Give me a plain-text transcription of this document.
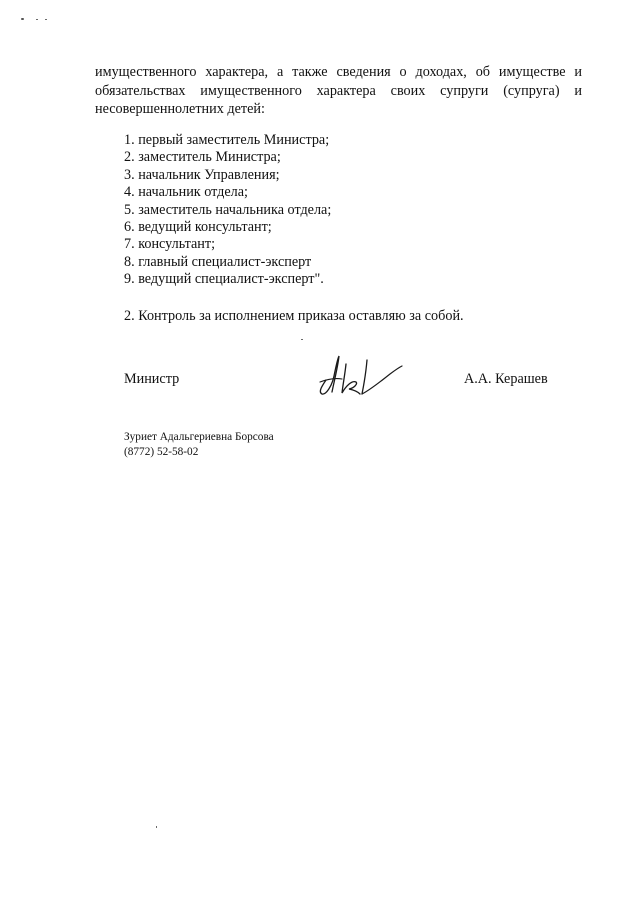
имущественного характера, а также сведения о доходах, об имуществе и
обязательствах имущественного характера своих супруги (супруга) и
несовершеннолетних детей:
1. первый заместитель Министра;
2. заместитель Министра;
3. начальник Управления;
4. начальник отдела;
5. заместитель начальника отдела;
6. ведущий консультант;
7. консультант;
8. главный специалист-эксперт
9. ведущий специалист-эксперт".
2. Контроль за исполнением приказа оставляю за собой.
Министр	А.А. Керашев
Зуриет Адальгериевна Борсова
(8772) 52-58-02
